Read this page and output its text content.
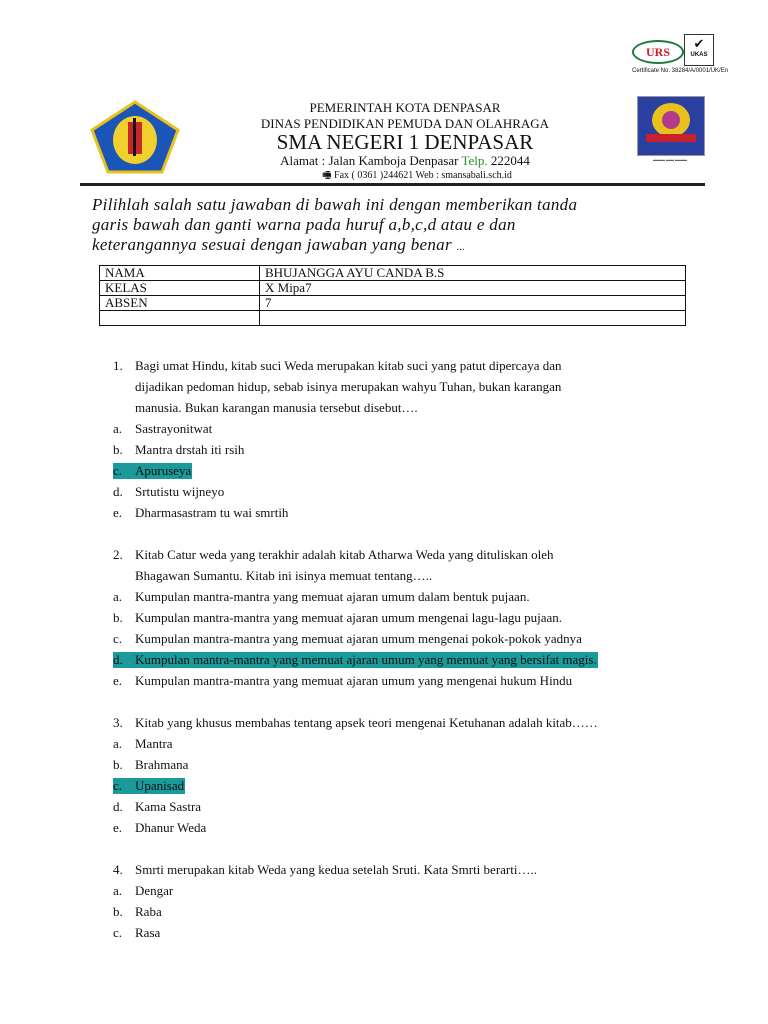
▬▬▬ ▬▬ ▬▬▬
URS
✔
UKAS
Certificate No. 38284/A/0001/UK/En
PEMERINTAH KOTA DENPASAR
DINAS PENDIDIKAN PEMUDA DAN OLAHRAGA
SMA NEGERI 1 DENPASAR
Alamat : Jalan Kamboja Denpasar Telp. 222044
🖷 Fax ( 0361 )244621 Web : smansabali.sch.id
Pilihlah salah satu jawaban di bawah ini dengan memberikan tanda
garis bawah dan ganti warna pada huruf a,b,c,d atau e dan
keterangannya sesuai dengan jawaban yang benar ...
NAMA	BHUJANGGA AYU CANDA B.S
KELAS	X Mipa7
ABSEN	7

1. Bagi umat Hindu, kitab suci Weda merupakan kitab suci yang patut dipercaya dan
dijadikan pedoman hidup, sebab isinya merupakan wahyu Tuhan, bukan karangan
manusia. Bukan karangan manusia tersebut disebut….
a. Sastrayonitwat
b. Mantra drstah iti rsih
c. Apuruseya
d. Srtutistu wijneyo
e. Dharmasastram tu wai smrtih
2. Kitab Catur weda yang terakhir adalah kitab Atharwa Weda yang dituliskan oleh
Bhagawan Sumantu. Kitab ini isinya memuat tentang…..
a. Kumpulan mantra-mantra yang memuat ajaran umum dalam bentuk pujaan.
b. Kumpulan mantra-mantra yang memuat ajaran umum mengenai lagu-lagu pujaan.
c. Kumpulan mantra-mantra yang memuat ajaran umum mengenai pokok-pokok yadnya
d. Kumpulan mantra-mantra yang memuat ajaran umum yang memuat yang bersifat magis.
e. Kumpulan mantra-mantra yang memuat ajaran umum yang mengenai hukum Hindu
3. Kitab yang khusus membahas tentang apsek teori mengenai Ketuhanan adalah kitab……
a. Mantra
b. Brahmana
c. Upanisad
d. Kama Sastra
e. Dhanur Weda
4. Smrti merupakan kitab Weda yang kedua setelah Sruti. Kata Smrti berarti…..
a. Dengar
b. Raba
c. Rasa
